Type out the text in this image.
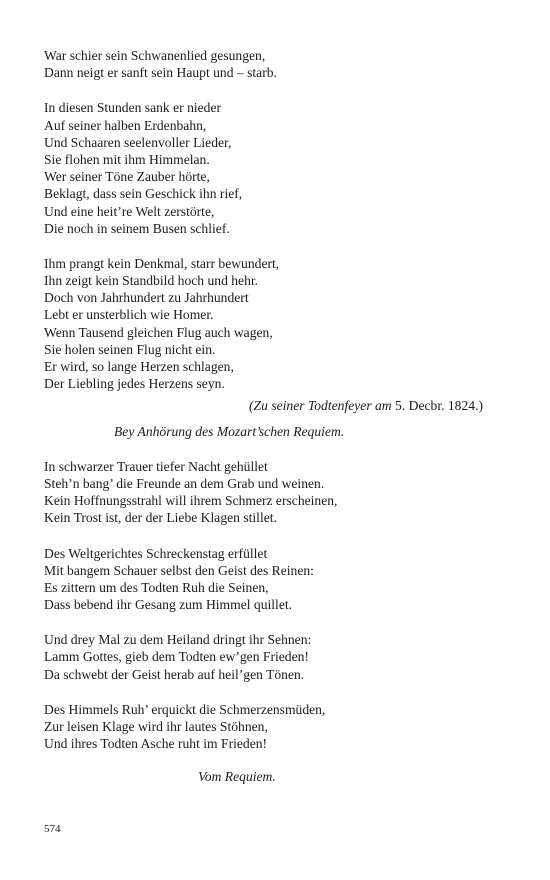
War schier sein Schwanenlied gesungen,
Dann neigt er sanft sein Haupt und – starb.
In diesen Stunden sank er nieder
Auf seiner halben Erdenbahn,
Und Schaaren seelenvoller Lieder,
Sie flohen mit ihm Himmelan.
Wer seiner Töne Zauber hörte,
Beklagt, dass sein Geschick ihn rief,
Und eine heit’re Welt zerstörte,
Die noch in seinem Busen schlief.
Ihm prangt kein Denkmal, starr bewundert,
Ihn zeigt kein Standbild hoch und hehr.
Doch von Jahrhundert zu Jahrhundert
Lebt er unsterblich wie Homer.
Wenn Tausend gleichen Flug auch wagen,
Sie holen seinen Flug nicht ein.
Er wird, so lange Herzen schlagen,
Der Liebling jedes Herzens seyn.
(Zu seiner Todtenfeyer am 5. Decbr. 1824.)
Bey Anhörung des Mozart’schen Requiem.
In schwarzer Trauer tiefer Nacht gehüllet
Steh’n bang’ die Freunde an dem Grab und weinen.
Kein Hoffnungsstrahl will ihrem Schmerz erscheinen,
Kein Trost ist, der der Liebe Klagen stillet.
Des Weltgerichtes Schreckenstag erfüllet
Mit bangem Schauer selbst den Geist des Reinen:
Es zittern um des Todten Ruh die Seinen,
Dass bebend ihr Gesang zum Himmel quillet.
Und drey Mal zu dem Heiland dringt ihr Sehnen:
Lamm Gottes, gieb dem Todten ew’gen Frieden!
Da schwebt der Geist herab auf heil’gen Tönen.
Des Himmels Ruh’ erquickt die Schmerzensmüden,
Zur leisen Klage wird ihr lautes Stöhnen,
Und ihres Todten Asche ruht im Frieden!
Vom Requiem.
574
